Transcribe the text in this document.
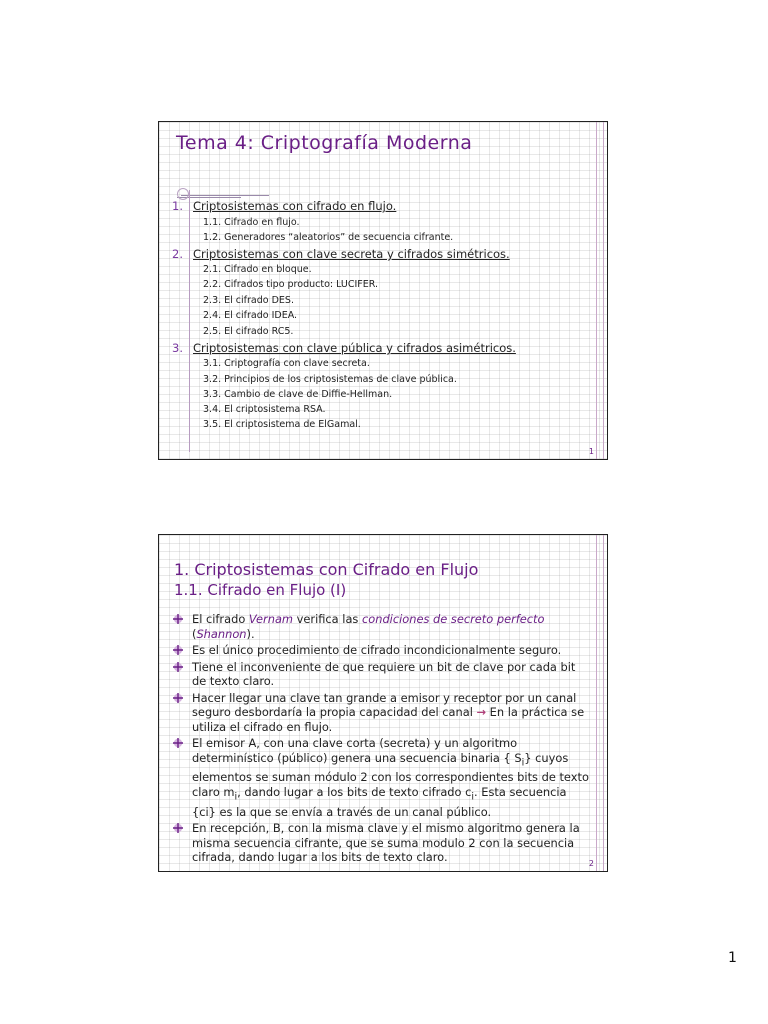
Tema 4: Criptografía Moderna
1. Criptosistemas con cifrado en flujo.
1.1. Cifrado en flujo.
1.2. Generadores “aleatorios” de secuencia cifrante.
2. Criptosistemas con clave secreta y cifrados simétricos.
2.1. Cifrado en bloque.
2.2. Cifrados tipo producto: LUCIFER.
2.3. El cifrado DES.
2.4. El cifrado IDEA.
2.5. El cifrado RC5.
3. Criptosistemas con clave pública y cifrados asimétricos.
3.1. Criptografía con clave secreta.
3.2. Principios de los criptosistemas de clave pública.
3.3. Cambio de clave de Diffie-Hellman.
3.4. El criptosistema RSA.
3.5. El criptosistema de ElGamal.
1
1. Criptosistemas con Cifrado en Flujo
1.1. Cifrado en Flujo (I)
El cifrado Vernam verifica las condiciones de secreto perfecto (Shannon).
Es el único procedimiento de cifrado incondicionalmente seguro.
Tiene el inconveniente de que requiere un bit de clave por cada bit de texto claro.
Hacer llegar una clave tan grande a emisor y receptor por un canal seguro desbordaría la propia capacidad del canal → En la práctica se utiliza el cifrado en flujo.
El emisor A, con una clave corta (secreta) y un algoritmo determinístico (público) genera una secuencia binaria { $S_i$} cuyos elementos se suman módulo 2 con los correspondientes bits de texto claro $m_i$, dando lugar a los bits de texto cifrado $c_i$. Esta secuencia {ci} es la que se envía a través de un canal público.
En recepción, B, con la misma clave y el mismo algoritmo genera la misma secuencia cifrante, que se suma modulo 2 con la secuencia cifrada, dando lugar a los bits de texto claro.	2
1
